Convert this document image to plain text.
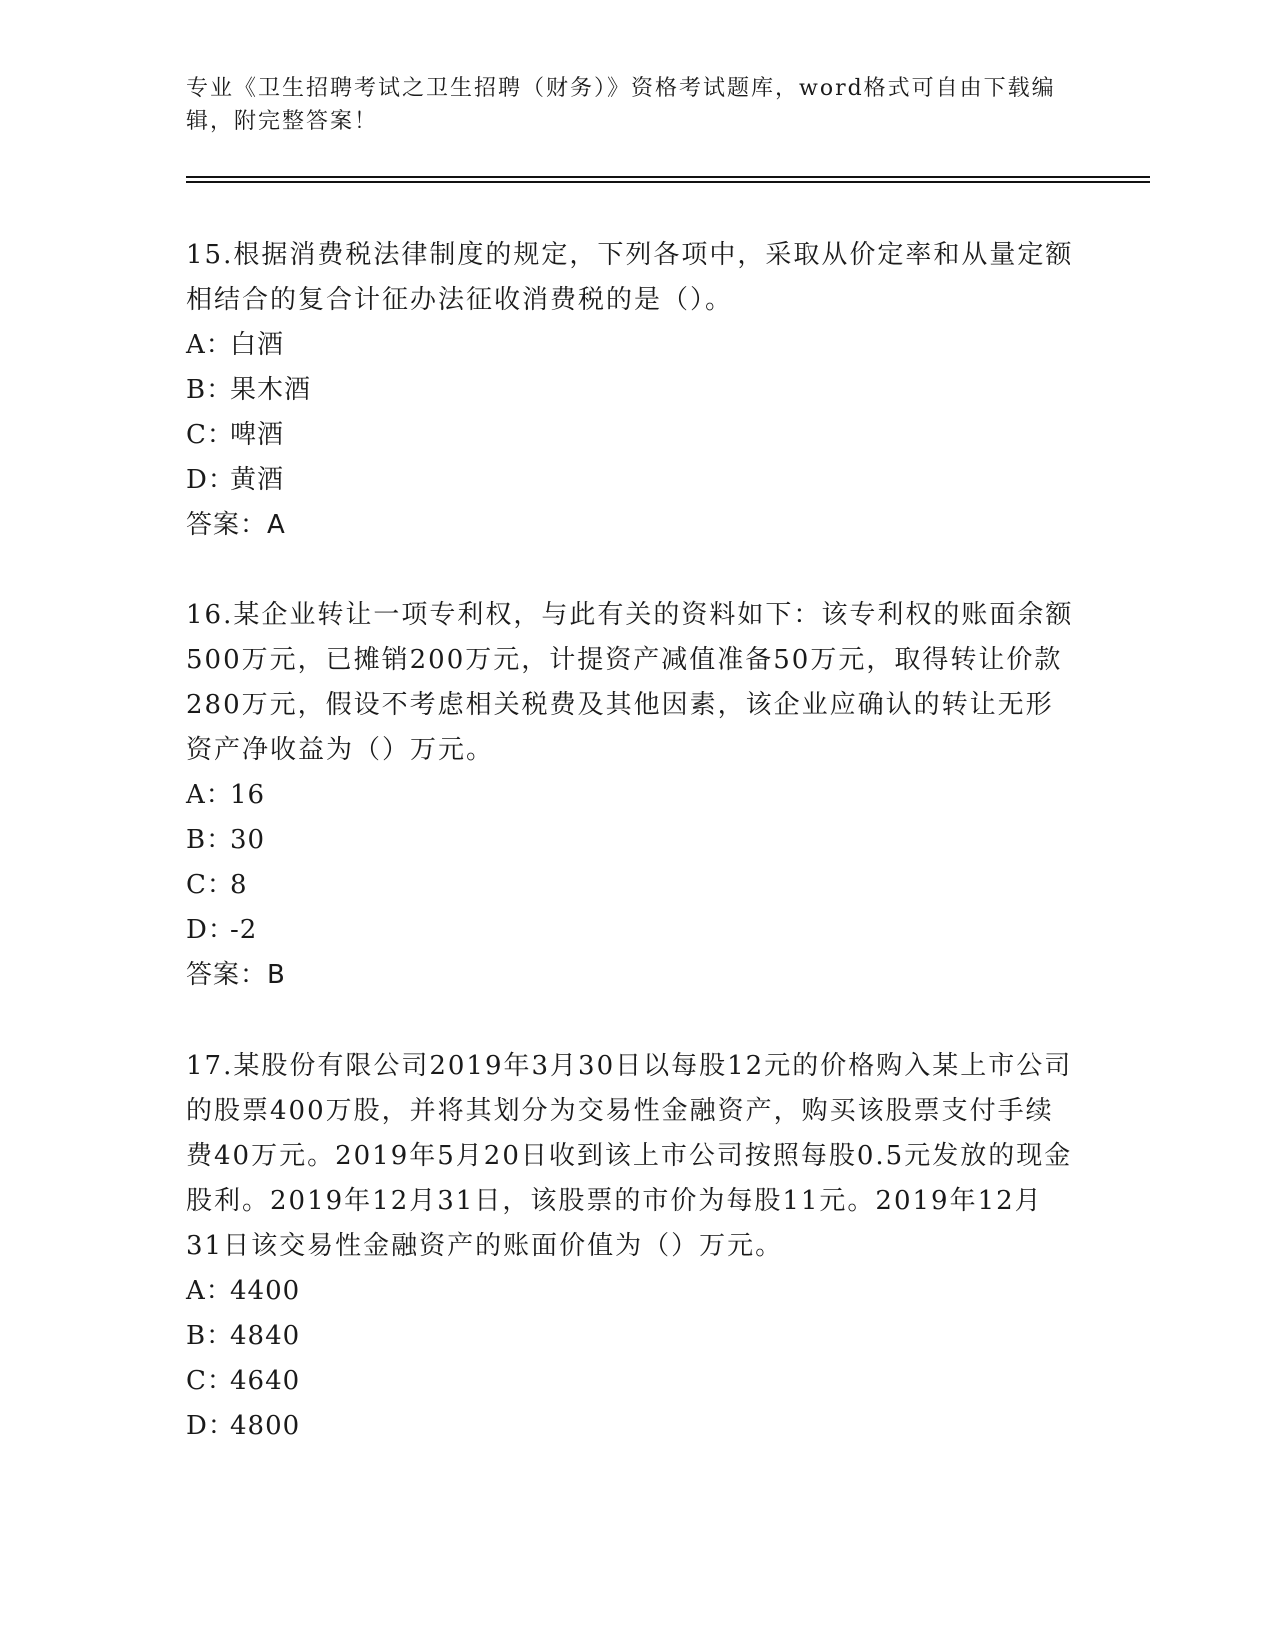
专业《卫生招聘考试之卫生招聘（财务）》资格考试题库，word格式可自由下载编辑，附完整答案！

15.根据消费税法律制度的规定，下列各项中，采取从价定率和从量定额相结合的复合计征办法征收消费税的是（）。

A：白酒

B：果木酒

C：啤酒

D：黄酒

答案：A

16.某企业转让一项专利权，与此有关的资料如下：该专利权的账面余额500万元，已摊销200万元，计提资产减值准备50万元，取得转让价款280万元，假设不考虑相关税费及其他因素，该企业应确认的转让无形资产净收益为（）万元。

A：16

B：30

C：8

D：-2

答案：B

17.某股份有限公司2019年3月30日以每股12元的价格购入某上市公司的股票400万股，并将其划分为交易性金融资产，购买该股票支付手续费40万元。2019年5月20日收到该上市公司按照每股0.5元发放的现金股利。2019年12月31日，该股票的市价为每股11元。2019年12月31日该交易性金融资产的账面价值为（）万元。

A：4400

B：4840

C：4640

D：4800
